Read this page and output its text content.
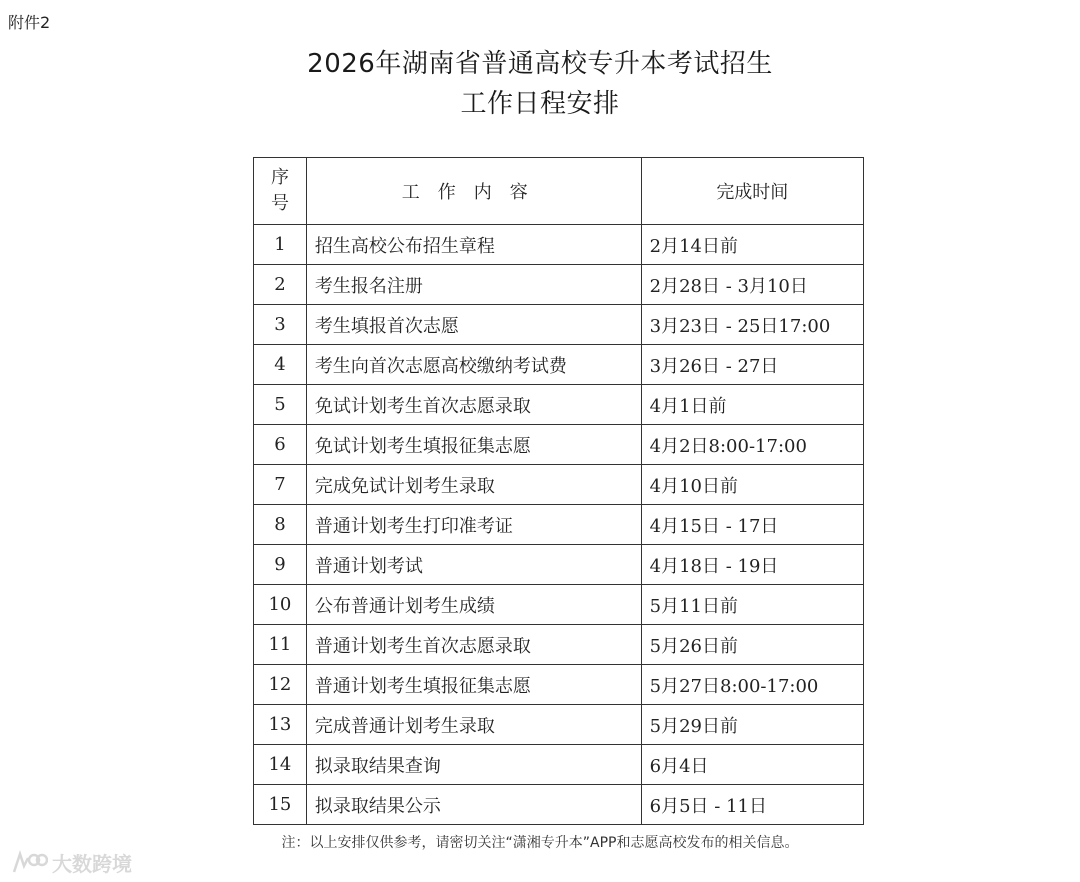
附件2
2026年湖南省普通高校专升本考试招生
工作日程安排
序
号	工作内容	完成时间
1	招生高校公布招生章程	2月14日前

2	考生报名注册	2月28日 - 3月10日

3	考生填报首次志愿	3月23日 - 25日17:00

4	考生向首次志愿高校缴纳考试费	3月26日 - 27日

5	免试计划考生首次志愿录取	4月1日前

6	免试计划考生填报征集志愿	4月2日8:00-17:00

7	完成免试计划考生录取	4月10日前

8	普通计划考生打印准考证	4月15日 - 17日

9	普通计划考试	4月18日 - 19日

10	公布普通计划考生成绩	5月11日前

11	普通计划考生首次志愿录取	5月26日前

12	普通计划考生填报征集志愿	5月27日8:00-17:00

13	完成普通计划考生录取	5月29日前

14	拟录取结果查询	6月4日

15	拟录取结果公示	6月5日 - 11日
注：以上安排仅供参考，请密切关注“潇湘专升本”APP和志愿高校发布的相关信息。
大数跨境
